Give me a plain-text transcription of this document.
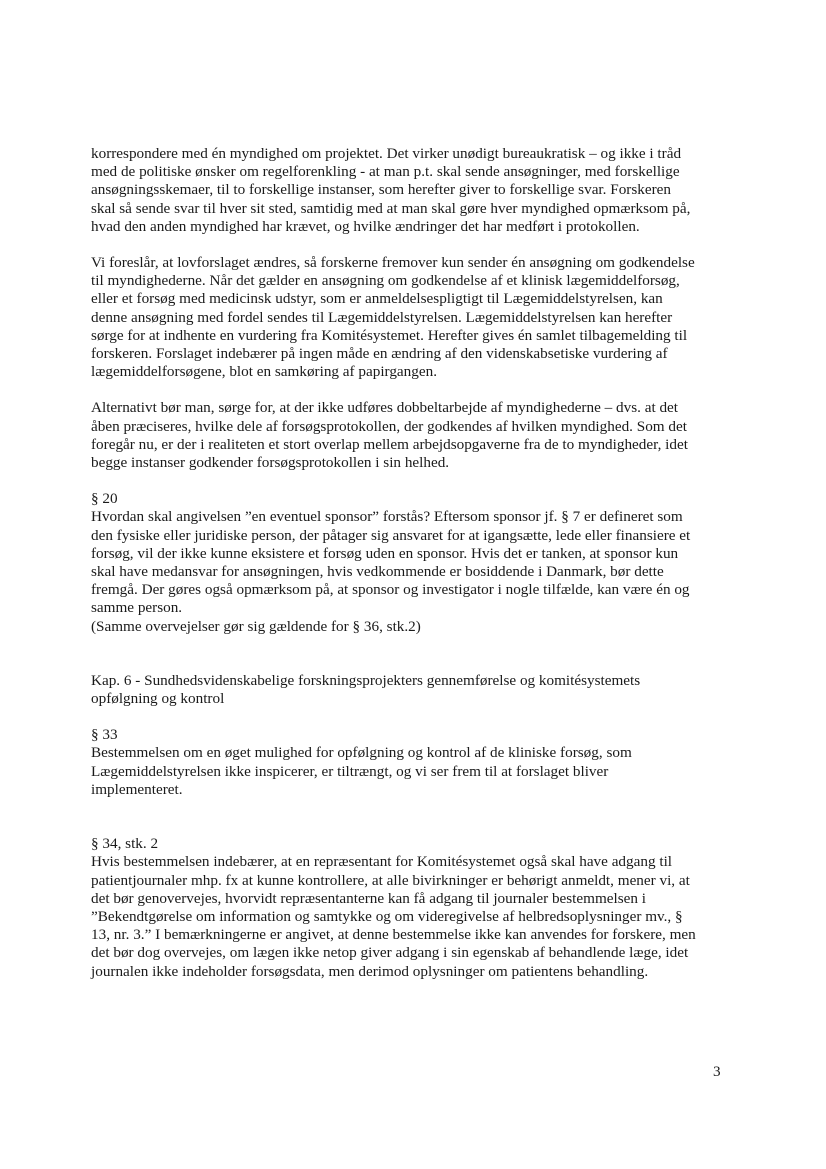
korrespondere med én myndighed om projektet. Det virker unødigt bureaukratisk – og ikke i tråd
med de politiske ønsker om regelforenkling - at man p.t. skal sende ansøgninger, med forskellige
ansøgningsskemaer, til to forskellige instanser, som herefter giver to forskellige svar. Forskeren
skal så sende svar til hver sit sted, samtidig med at man skal gøre hver myndighed opmærksom på,
hvad den anden myndighed har krævet, og hvilke ændringer det har medført i protokollen.

Vi foreslår, at lovforslaget ændres, så forskerne fremover kun sender én ansøgning om godkendelse
til myndighederne. Når det gælder en ansøgning om godkendelse af et klinisk lægemiddelforsøg,
eller et forsøg med medicinsk udstyr, som er anmeldelsespligtigt til Lægemiddelstyrelsen, kan
denne ansøgning med fordel sendes til Lægemiddelstyrelsen. Lægemiddelstyrelsen kan herefter
sørge for at indhente en vurdering fra Komitésystemet. Herefter gives én samlet tilbagemelding til
forskeren. Forslaget indebærer på ingen måde en ændring af den videnskabsetiske vurdering af
lægemiddelforsøgene, blot en samkøring af papirgangen.

Alternativt bør man, sørge for, at der ikke udføres dobbeltarbejde af myndighederne – dvs. at det
åben præciseres, hvilke dele af forsøgsprotokollen, der godkendes af hvilken myndighed. Som det
foregår nu, er der i realiteten et stort overlap mellem arbejdsopgaverne fra de to myndigheder, idet
begge instanser godkender forsøgsprotokollen i sin helhed.

§ 20
Hvordan skal angivelsen ”en eventuel sponsor” forstås? Eftersom sponsor jf. § 7 er defineret som
den fysiske eller juridiske person, der påtager sig ansvaret for at igangsætte, lede eller finansiere et
forsøg, vil der ikke kunne eksistere et forsøg uden en sponsor. Hvis det er tanken, at sponsor kun
skal have medansvar for ansøgningen, hvis vedkommende er bosiddende i Danmark, bør dette
fremgå. Der gøres også opmærksom på, at sponsor og investigator i nogle tilfælde, kan være én og
samme person.
(Samme overvejelser gør sig gældende for § 36, stk.2)

Kap. 6 - Sundhedsvidenskabelige forskningsprojekters gennemførelse og komitésystemets
opfølgning og kontrol

§ 33
Bestemmelsen om en øget mulighed for opfølgning og kontrol af de kliniske forsøg, som
Lægemiddelstyrelsen ikke inspicerer, er tiltrængt, og vi ser frem til at forslaget bliver
implementeret.

§ 34, stk. 2
Hvis bestemmelsen indebærer, at en repræsentant for Komitésystemet også skal have adgang til
patientjournaler mhp. fx at kunne kontrollere, at alle bivirkninger er behørigt anmeldt, mener vi, at
det bør genovervejes, hvorvidt repræsentanterne kan få adgang til journaler bestemmelsen i
”Bekendtgørelse om information og samtykke og om videregivelse af helbredsoplysninger mv., §
13, nr. 3.” I bemærkningerne er angivet, at denne bestemmelse ikke kan anvendes for forskere, men
det bør dog overvejes, om lægen ikke netop giver adgang i sin egenskab af behandlende læge, idet
journalen ikke indeholder forsøgsdata, men derimod oplysninger om patientens behandling.

3
